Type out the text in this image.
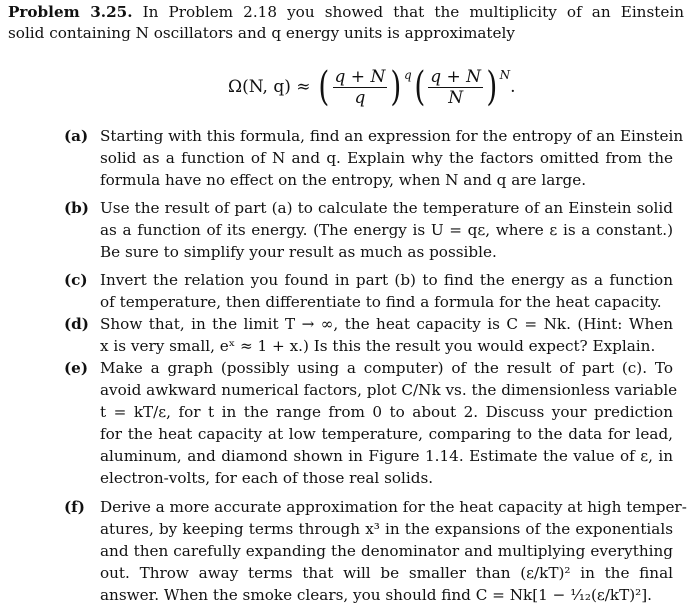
Problem 3.25. In Problem 2.18 you showed that the multiplicity of an Einstein
solid containing N oscillators and q energy units is approximately
Ω(N, q) ≈
( $\frac{q + N}{q} )^q$ ( $\frac{q + N}{N} )^N$
.
(a) Starting with this formula, find an expression for the entropy of an Einstein
solid as a function of N and q. Explain why the factors omitted from the
formula have no effect on the entropy, when N and q are large.
(b) Use the result of part (a) to calculate the temperature of an Einstein solid
as a function of its energy. (The energy is U = qε, where ε is a constant.)
Be sure to simplify your result as much as possible.
(c) Invert the relation you found in part (b) to find the energy as a function
of temperature, then differentiate to find a formula for the heat capacity.
(d) Show that, in the limit T → ∞, the heat capacity is C = Nk. (Hint: When
x is very small, eˣ ≈ 1 + x.) Is this the result you would expect? Explain.
(e) Make a graph (possibly using a computer) of the result of part (c). To
avoid awkward numerical factors, plot C/Nk vs. the dimensionless variable
t = kT/ε, for t in the range from 0 to about 2. Discuss your prediction
for the heat capacity at low temperature, comparing to the data for lead,
aluminum, and diamond shown in Figure 1.14. Estimate the value of ε, in
electron-volts, for each of those real solids.
(f) Derive a more accurate approximation for the heat capacity at high temper-
atures, by keeping terms through x³ in the expansions of the exponentials
and then carefully expanding the denominator and multiplying everything
out. Throw away terms that will be smaller than (ε/kT)² in the final
answer. When the smoke clears, you should find C = Nk[1 − ¹⁄₁₂(ε/kT)²].
